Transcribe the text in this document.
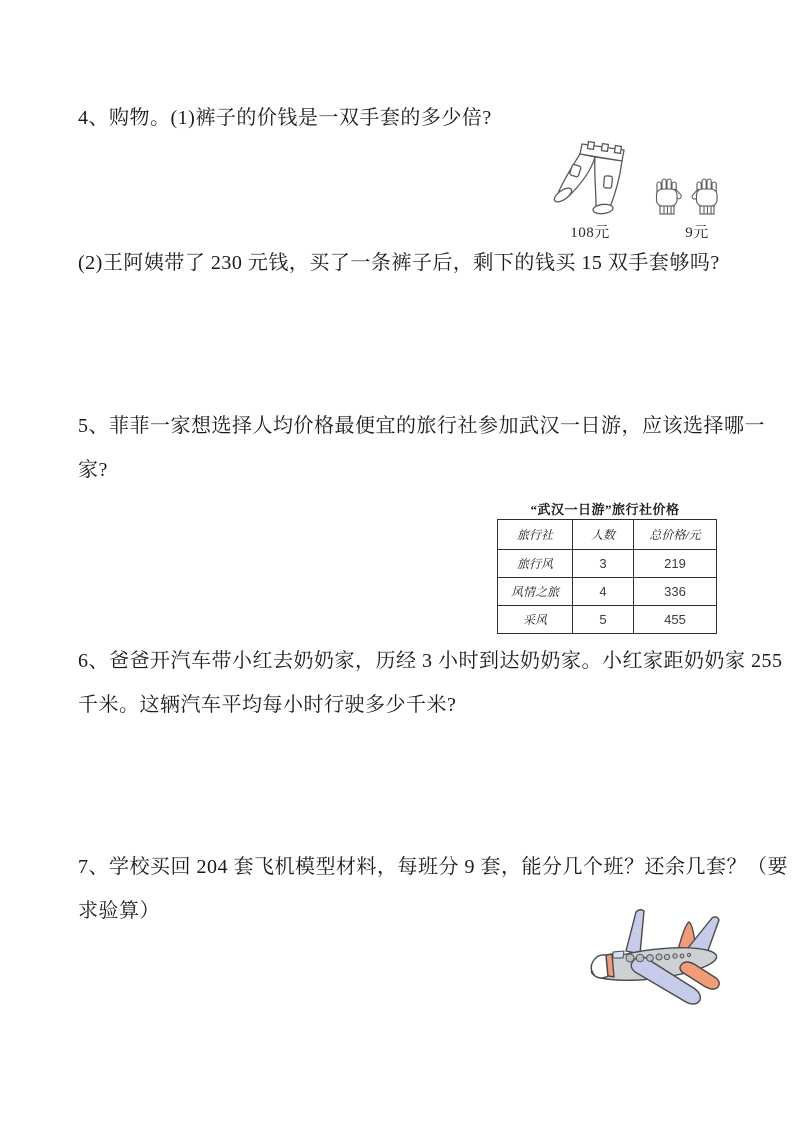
4、购物。(1)裤子的价钱是一双手套的多少倍?
108元	9元
(2)王阿姨带了 230 元钱，买了一条裤子后，剩下的钱买 15 双手套够吗?
5、菲菲一家想选择人均价格最便宜的旅行社参加武汉一日游，应该选择哪一
家?
“武汉一日游”旅行社价格
旅行社	人数	总价格/元
旅行风	3	219
风情之旅	4	336
采风	5	455
6、爸爸开汽车带小红去奶奶家，历经 3 小时到达奶奶家。小红家距奶奶家 255
千米。这辆汽车平均每小时行驶多少千米?
7、学校买回 204 套飞机模型材料，每班分 9 套，能分几个班？还余几套？（要
求验算）
